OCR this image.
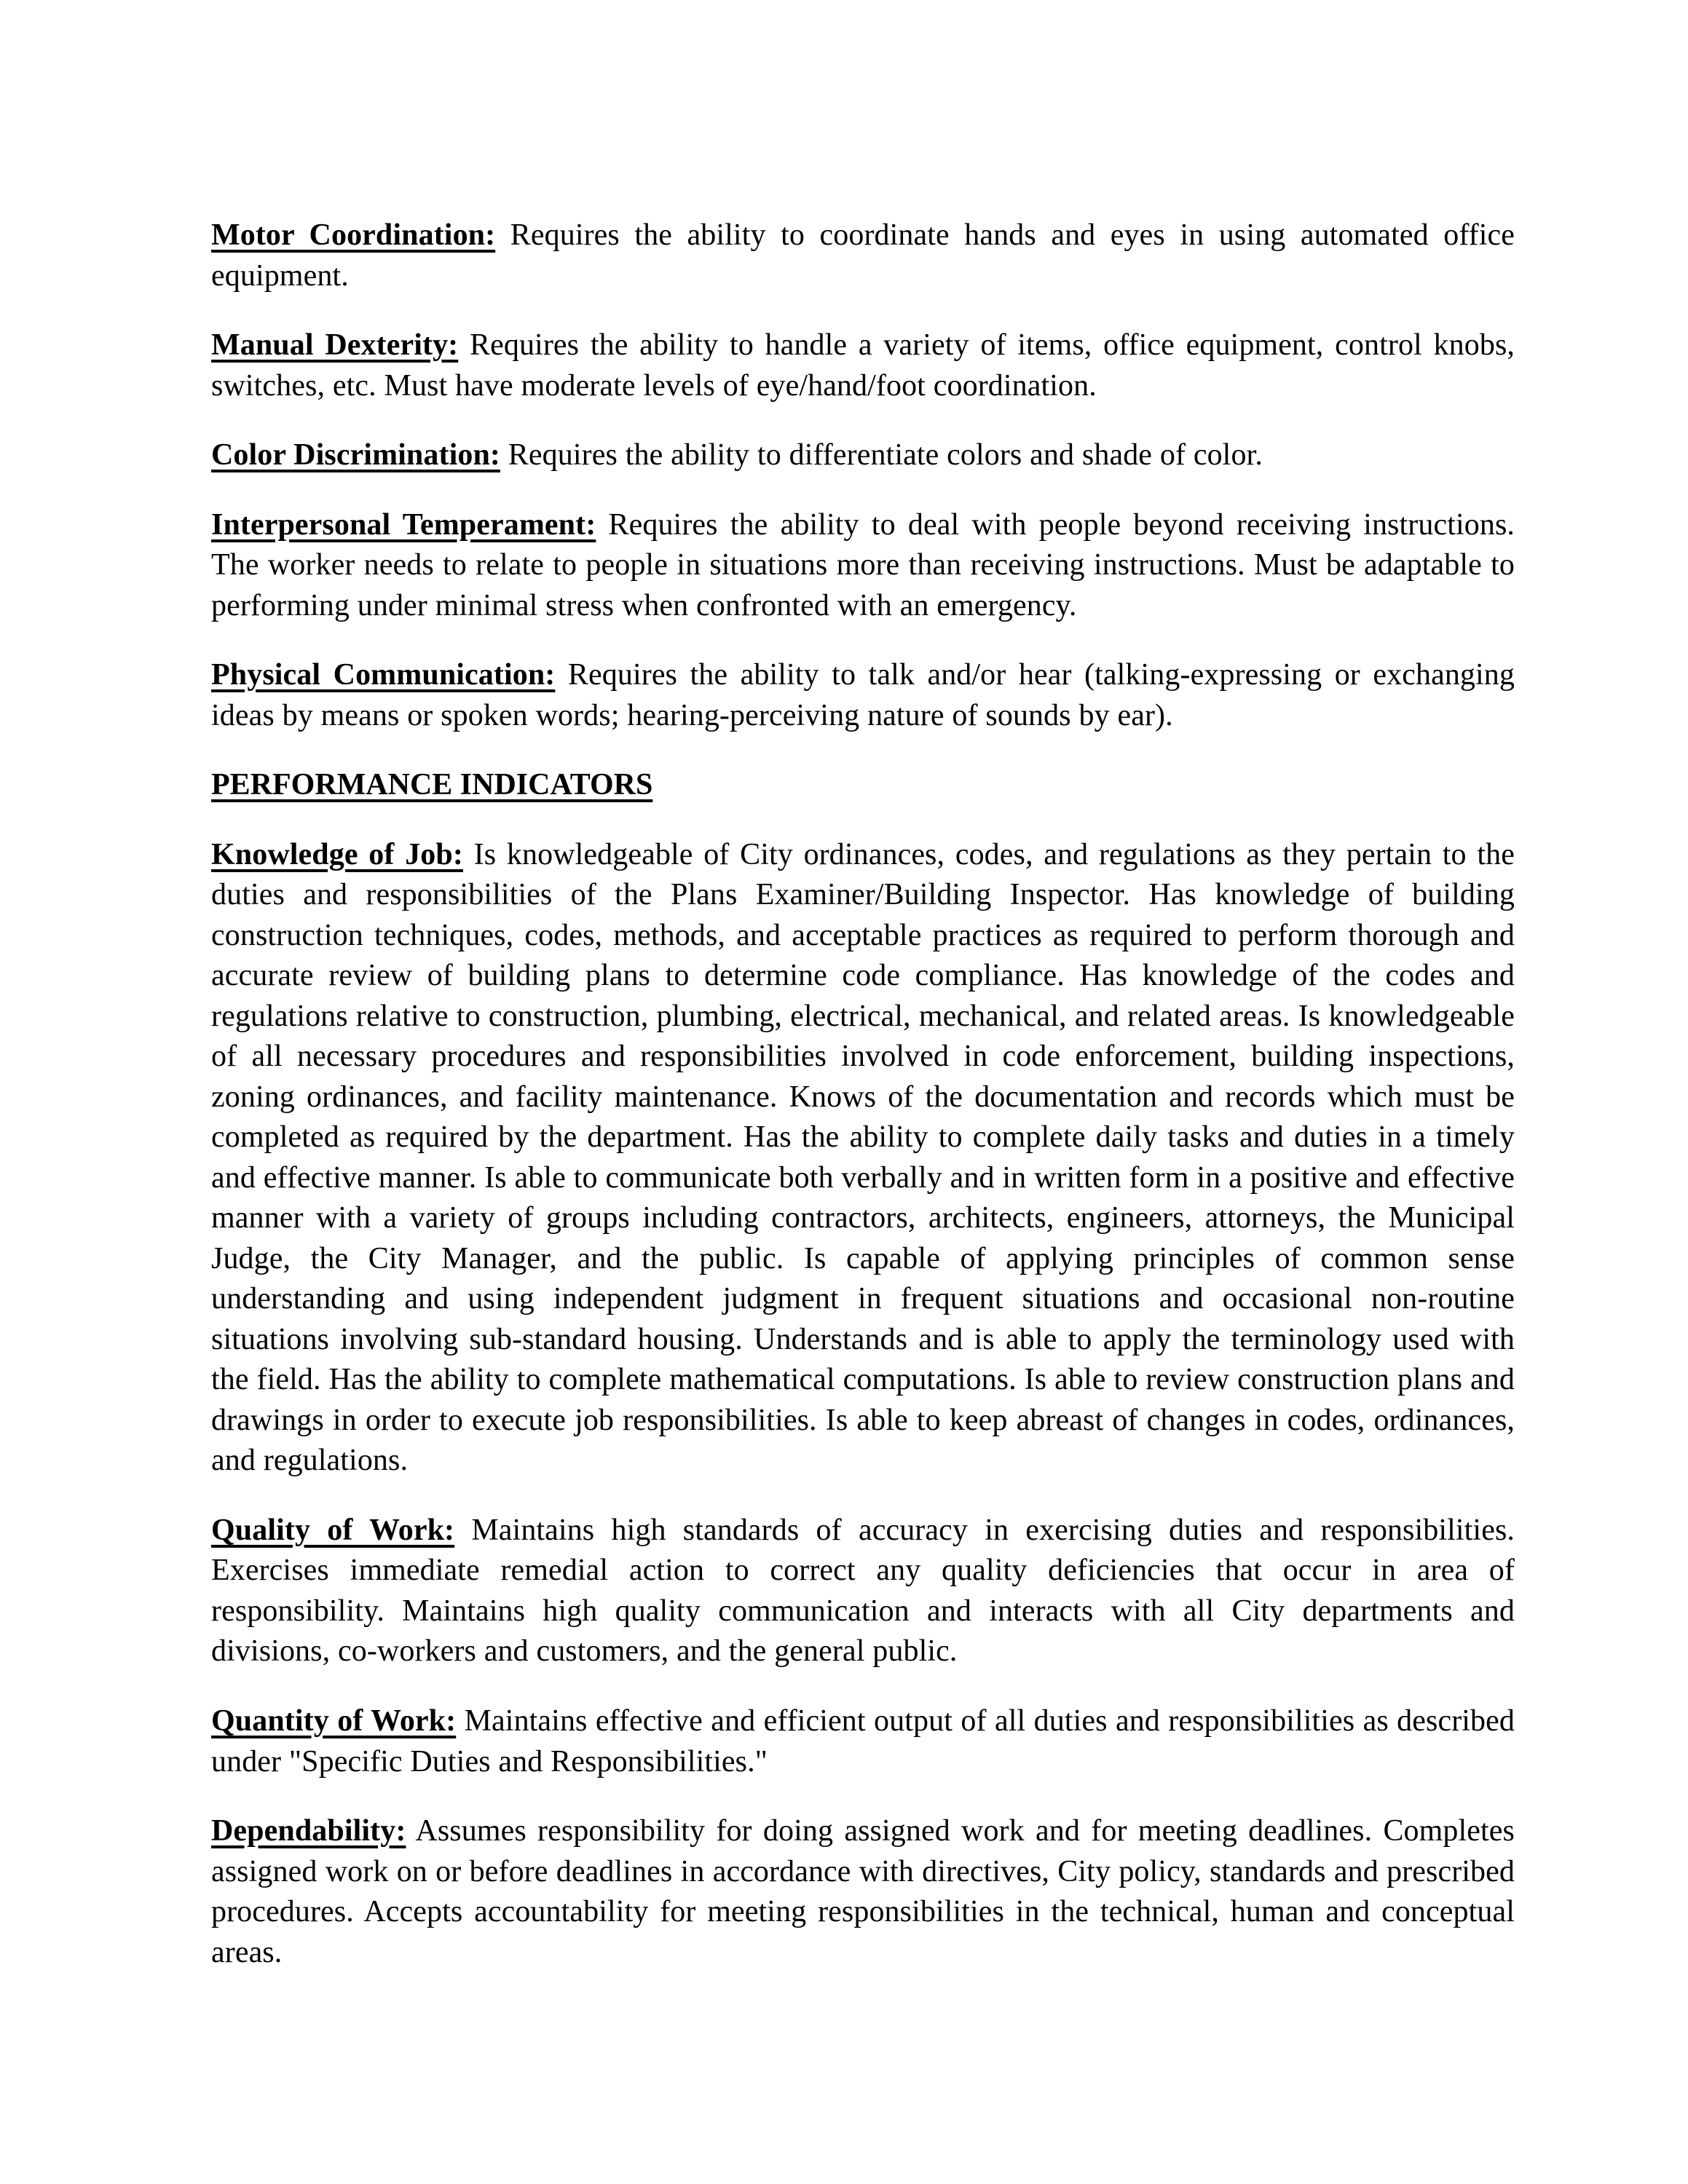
Motor Coordination: Requires the ability to coordinate hands and eyes in using automated office equipment.

Manual Dexterity: Requires the ability to handle a variety of items, office equipment, control knobs, switches, etc. Must have moderate levels of eye/hand/foot coordination.

Color Discrimination: Requires the ability to differentiate colors and shade of color.

Interpersonal Temperament: Requires the ability to deal with people beyond receiving instructions. The worker needs to relate to people in situations more than receiving instructions. Must be adaptable to performing under minimal stress when confronted with an emergency.

Physical Communication: Requires the ability to talk and/or hear (talking-expressing or exchanging ideas by means or spoken words; hearing-perceiving nature of sounds by ear).

PERFORMANCE INDICATORS

Knowledge of Job: Is knowledgeable of City ordinances, codes, and regulations as they pertain to the duties and responsibilities of the Plans Examiner/Building Inspector. Has knowledge of building construction techniques, codes, methods, and acceptable practices as required to perform thorough and accurate review of building plans to determine code compliance. Has knowledge of the codes and regulations relative to construction, plumbing, electrical, mechanical, and related areas. Is knowledgeable of all necessary procedures and responsibilities involved in code enforcement, building inspections, zoning ordinances, and facility maintenance. Knows of the documentation and records which must be completed as required by the department. Has the ability to complete daily tasks and duties in a timely and effective manner. Is able to communicate both verbally and in written form in a positive and effective manner with a variety of groups including contractors, architects, engineers, attorneys, the Municipal Judge, the City Manager, and the public. Is capable of applying principles of common sense understanding and using independent judgment in frequent situations and occasional non-routine situations involving sub-standard housing. Understands and is able to apply the terminology used with the field. Has the ability to complete mathematical computations. Is able to review construction plans and drawings in order to execute job responsibilities. Is able to keep abreast of changes in codes, ordinances, and regulations.

Quality of Work: Maintains high standards of accuracy in exercising duties and responsibilities. Exercises immediate remedial action to correct any quality deficiencies that occur in area of responsibility. Maintains high quality communication and interacts with all City departments and divisions, co-workers and customers, and the general public.

Quantity of Work: Maintains effective and efficient output of all duties and responsibilities as described under "Specific Duties and Responsibilities."

Dependability: Assumes responsibility for doing assigned work and for meeting deadlines. Completes assigned work on or before deadlines in accordance with directives, City policy, standards and prescribed procedures. Accepts accountability for meeting responsibilities in the technical, human and conceptual areas.
